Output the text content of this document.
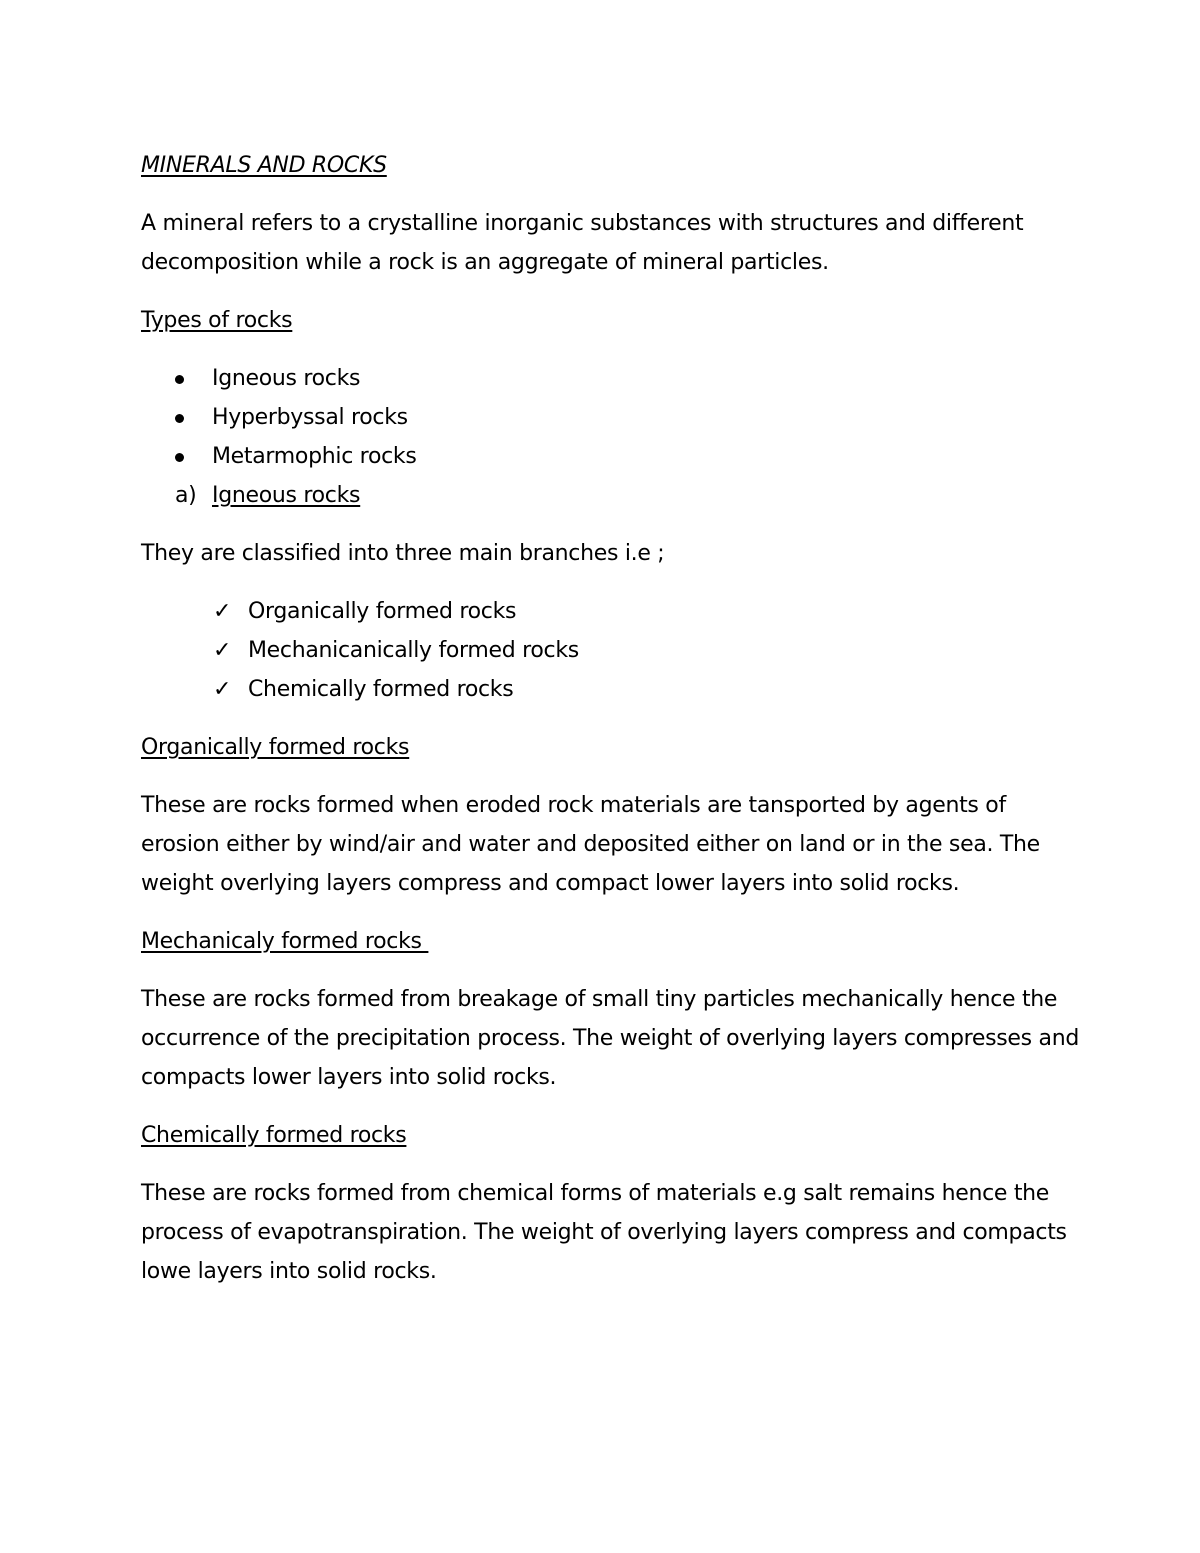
MINERALS AND ROCKS

A mineral refers to a crystalline inorganic substances with structures and different decomposition while a rock is an aggregate of mineral particles.

Types of rocks

Igneous rocks
Hyperbyssal rocks
Metarmophic rocks
a) Igneous rocks

They are classified into three main branches i.e ;

✓ Organically formed rocks
✓ Mechanicanically formed rocks
✓ Chemically formed rocks

Organically formed rocks

These are rocks formed when eroded rock materials are tansported by agents of erosion either by wind/air and water and deposited either on land or in the sea. The weight overlying layers compress and compact lower layers into solid rocks.

Mechanicaly formed rocks

These are rocks formed from breakage of small tiny particles mechanically hence the occurrence of the precipitation process. The weight of overlying layers compresses and compacts lower layers into solid rocks.

Chemically formed rocks

These are rocks formed from chemical forms of materials e.g salt remains hence the process of evapotranspiration. The weight of overlying layers compress and compacts lowe layers into solid rocks.
